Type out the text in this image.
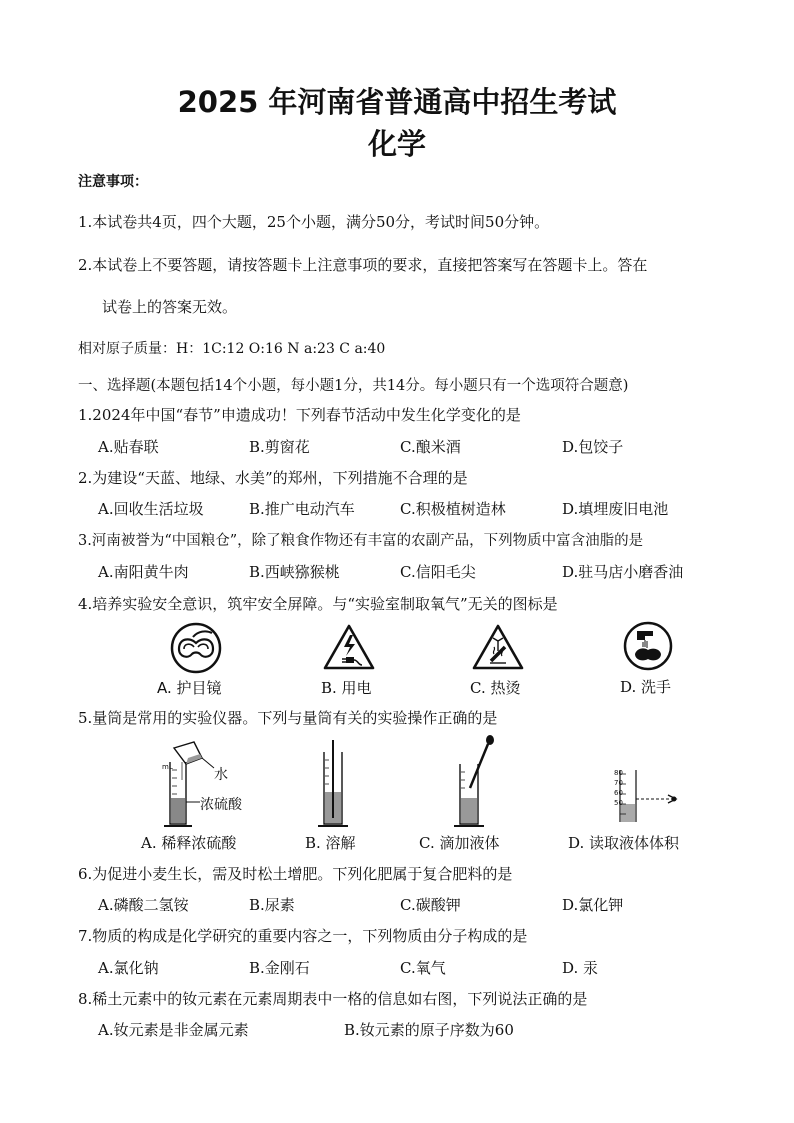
2025 年河南省普通高中招生考试
化学
注意事项：
1.本试卷共4页，四个大题，25个小题，满分50分，考试时间50分钟。
2.本试卷上不要答题，请按答题卡上注意事项的要求，直接把答案写在答题卡上。答在
试卷上的答案无效。
相对原子质量：H：1C:12 O:16 N a:23 C a:40
一、选择题(本题包括14个小题，每小题1分，共14分。每小题只有一个选项符合题意)
1.2024年中国“春节”申遗成功！下列春节活动中发生化学变化的是
A.贴春联	B.剪窗花	C.酿米酒	D.包饺子
2.为建设“天蓝、地绿、水美”的郑州，下列措施不合理的是
A.回收生活垃圾	B.推广电动汽车	C.积极植树造林	D.填埋废旧电池
3.河南被誉为“中国粮仓”，除了粮食作物还有丰富的农副产品，下列物质中富含油脂的是
A.南阳黄牛肉	B.西峡猕猴桃	C.信阳毛尖	D.驻马店小磨香油
4.培养实验安全意识，筑牢安全屏障。与“实验室制取氧气”无关的图标是
A. 护目镜	B. 用电	C. 热烫	D. 洗手
5.量筒是常用的实验仪器。下列与量筒有关的实验操作正确的是
mL	水
浓硫酸
80
70
60
50
A. 稀释浓硫酸	B. 溶解	C. 滴加液体	D. 读取液体体积
6.为促进小麦生长，需及时松土增肥。下列化肥属于复合肥料的是
A.磷酸二氢铵	B.尿素	C.碳酸钾	D.氯化钾
7.物质的构成是化学研究的重要内容之一，下列物质由分子构成的是
A.氯化钠	B.金刚石	C.氧气	D. 汞
8.稀土元素中的钕元素在元素周期表中一格的信息如右图，下列说法正确的是
A.钕元素是非金属元素	B.钕元素的原子序数为60
